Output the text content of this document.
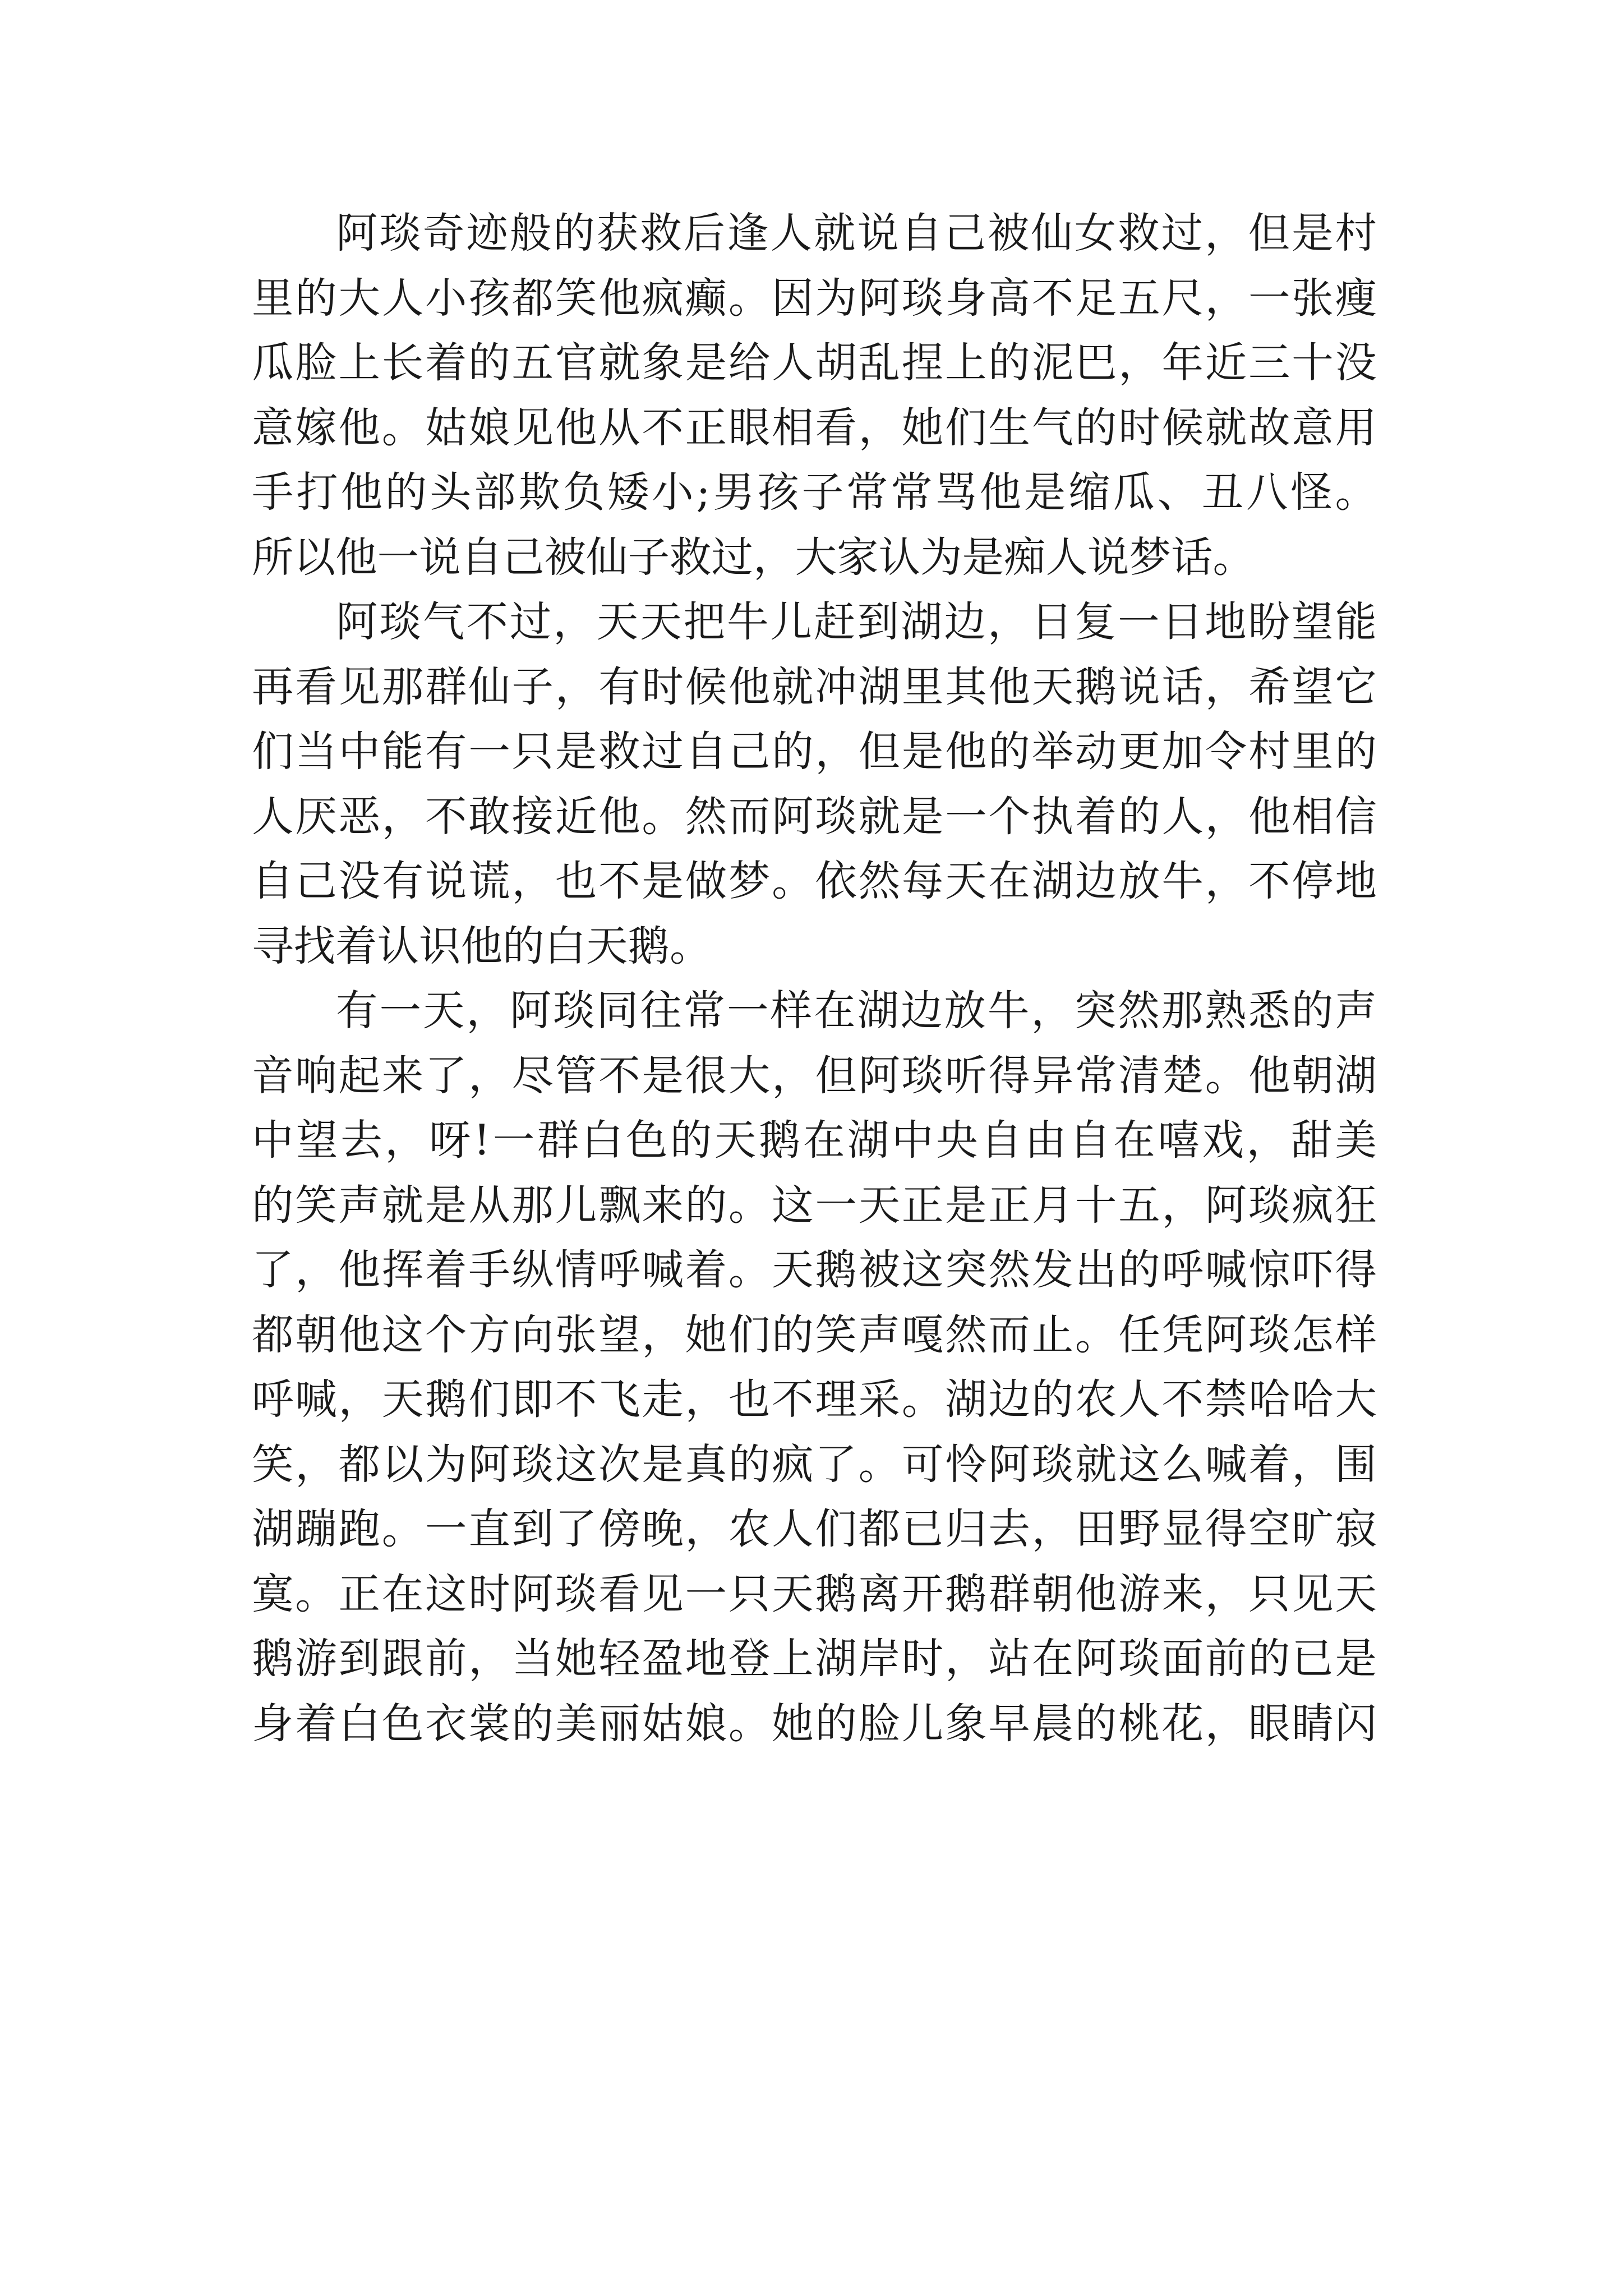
阿琰奇迹般的获救后逢人就说自己被仙女救过，但是村
里的大人小孩都笑他疯癫。因为阿琰身高不足五尺，一张瘦
瓜脸上长着的五官就象是给人胡乱捏上的泥巴，年近三十没
意嫁他。姑娘见他从不正眼相看，她们生气的时候就故意用
手打他的头部欺负矮小;男孩子常常骂他是缩瓜、丑八怪。
所以他一说自己被仙子救过，大家认为是痴人说梦话。
阿琰气不过，天天把牛儿赶到湖边，日复一日地盼望能
再看见那群仙子，有时候他就冲湖里其他天鹅说话，希望它
们当中能有一只是救过自己的，但是他的举动更加令村里的
人厌恶，不敢接近他。然而阿琰就是一个执着的人，他相信
自己没有说谎，也不是做梦。依然每天在湖边放牛，不停地
寻找着认识他的白天鹅。
有一天，阿琰同往常一样在湖边放牛，突然那熟悉的声
音响起来了，尽管不是很大，但阿琰听得异常清楚。他朝湖
中望去，呀!一群白色的天鹅在湖中央自由自在嘻戏，甜美
的笑声就是从那儿飘来的。这一天正是正月十五，阿琰疯狂
了，他挥着手纵情呼喊着。天鹅被这突然发出的呼喊惊吓得
都朝他这个方向张望，她们的笑声嘎然而止。任凭阿琰怎样
呼喊，天鹅们即不飞走，也不理采。湖边的农人不禁哈哈大
笑，都以为阿琰这次是真的疯了。可怜阿琰就这么喊着，围
湖蹦跑。一直到了傍晚，农人们都已归去，田野显得空旷寂
寞。正在这时阿琰看见一只天鹅离开鹅群朝他游来，只见天
鹅游到跟前，当她轻盈地登上湖岸时，站在阿琰面前的已是
身着白色衣裳的美丽姑娘。她的脸儿象早晨的桃花，眼睛闪
